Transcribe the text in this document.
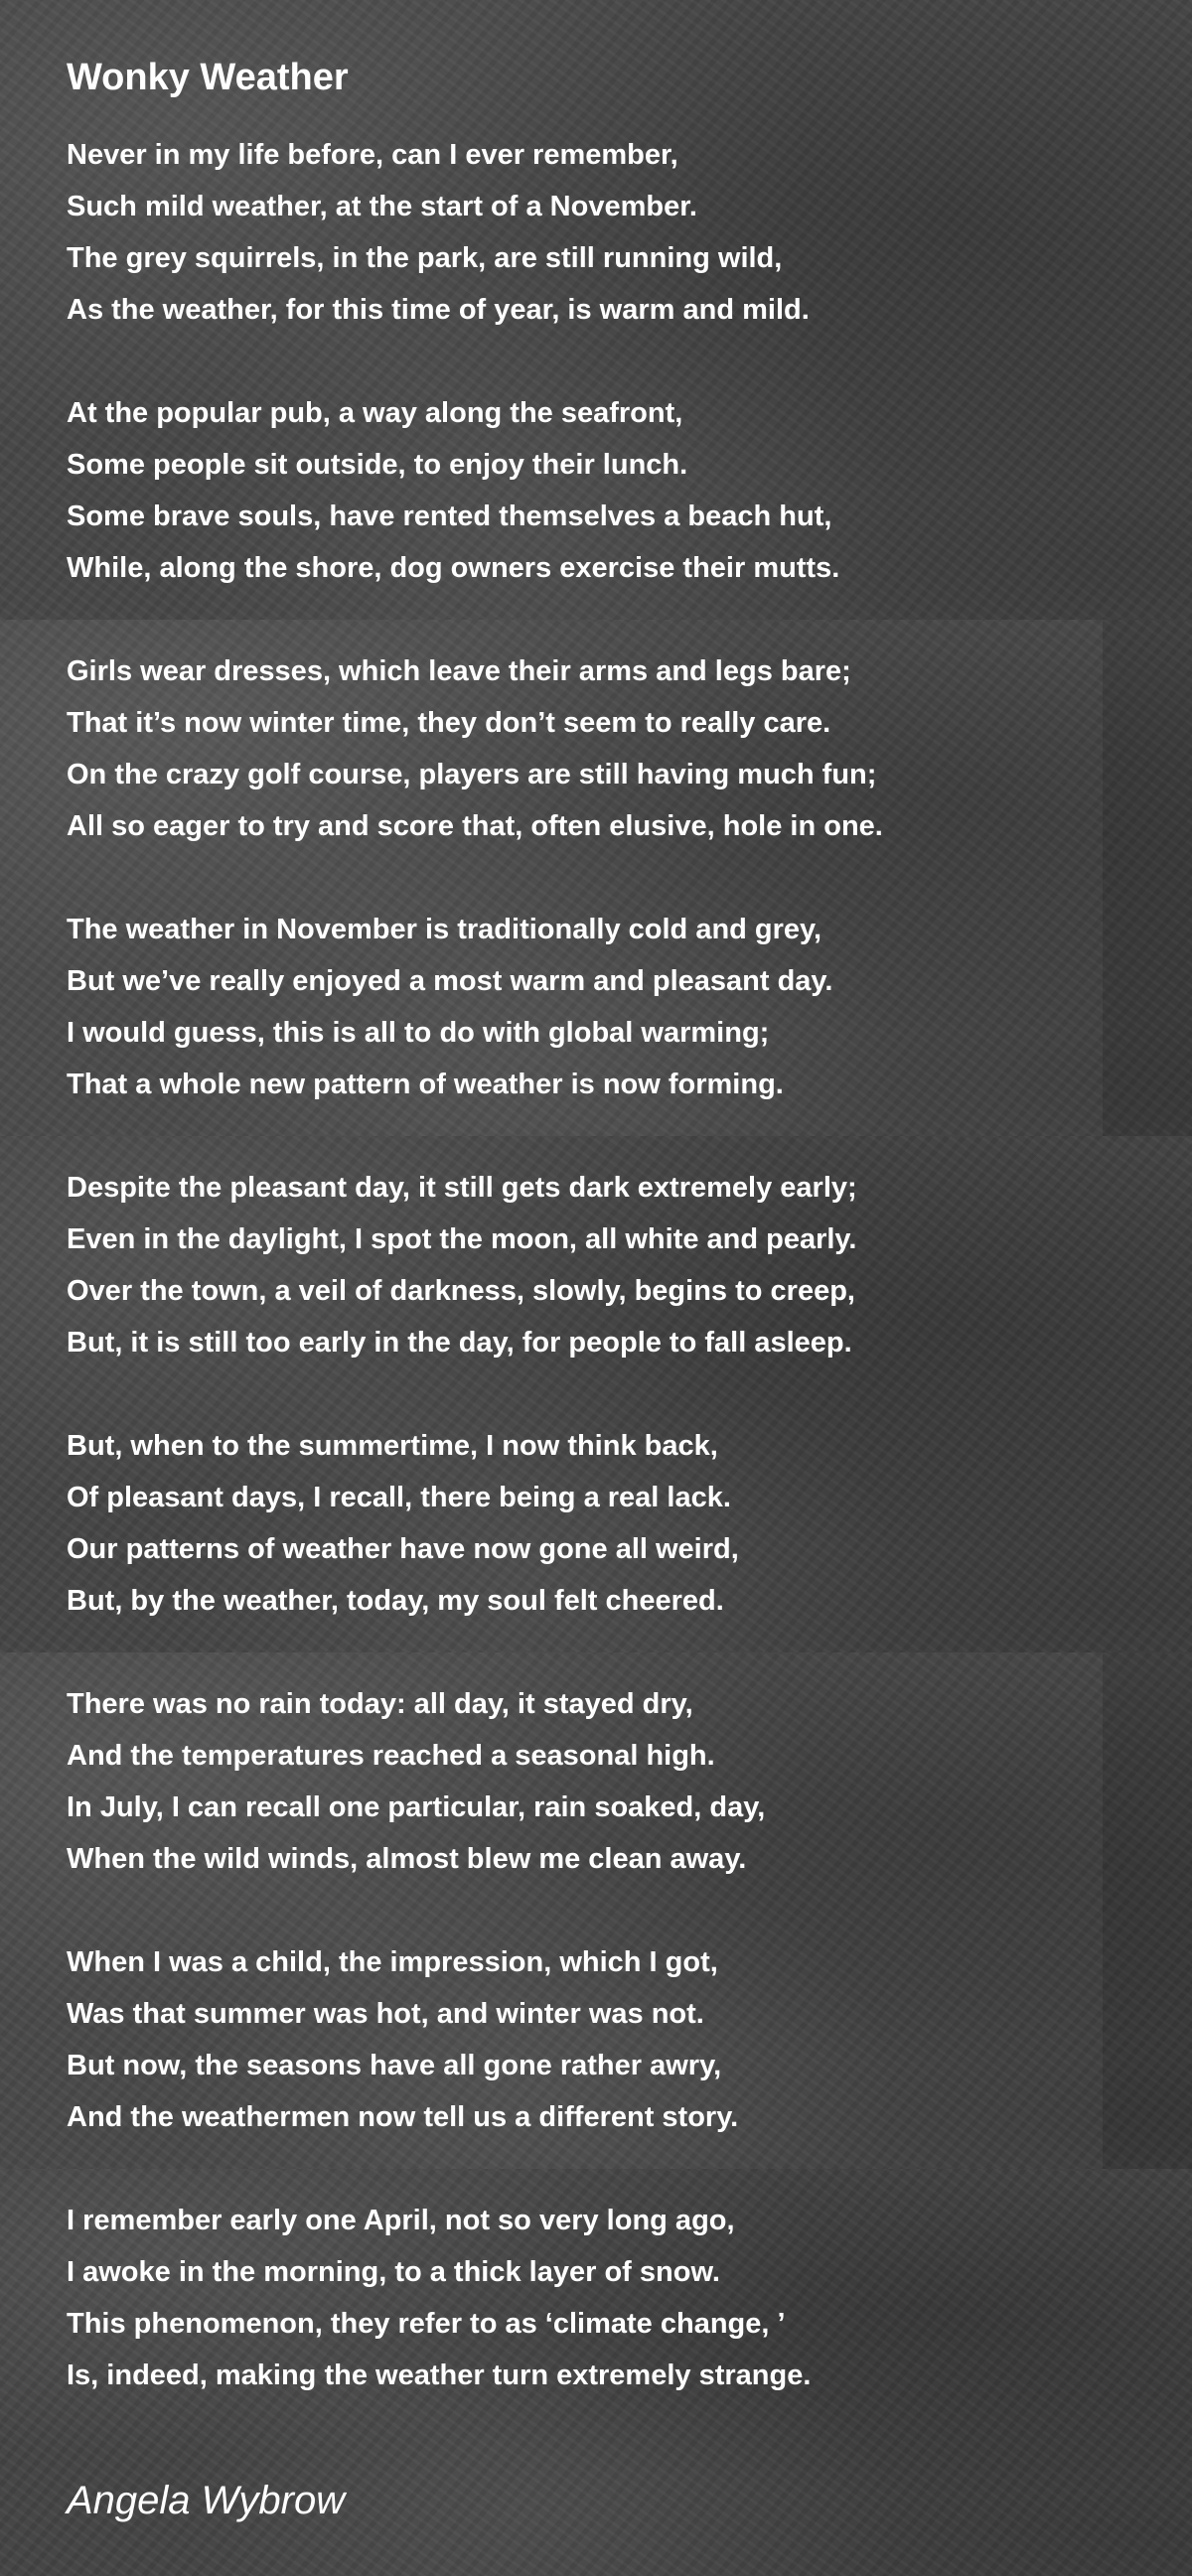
Wonky Weather
Never in my life before, can I ever remember,
Such mild weather, at the start of a November.
The grey squirrels, in the park, are still running wild,
As the weather, for this time of year, is warm and mild.
At the popular pub, a way along the seafront,
Some people sit outside, to enjoy their lunch.
Some brave souls, have rented themselves a beach hut,
While, along the shore, dog owners exercise their mutts.
Girls wear dresses, which leave their arms and legs bare;
That it’s now winter time, they don’t seem to really care.
On the crazy golf course, players are still having much fun;
All so eager to try and score that, often elusive, hole in one.
The weather in November is traditionally cold and grey,
But we’ve really enjoyed a most warm and pleasant day.
I would guess, this is all to do with global warming;
That a whole new pattern of weather is now forming.
Despite the pleasant day, it still gets dark extremely early;
Even in the daylight, I spot the moon, all white and pearly.
Over the town, a veil of darkness, slowly, begins to creep,
But, it is still too early in the day, for people to fall asleep.
But, when to the summertime, I now think back,
Of pleasant days, I recall, there being a real lack.
Our patterns of weather have now gone all weird,
But, by the weather, today, my soul felt cheered.
There was no rain today: all day, it stayed dry,
And the temperatures reached a seasonal high.
In July, I can recall one particular, rain soaked, day,
When the wild winds, almost blew me clean away.
When I was a child, the impression, which I got,
Was that summer was hot, and winter was not.
But now, the seasons have all gone rather awry,
And the weathermen now tell us a different story.
I remember early one April, not so very long ago,
I awoke in the morning, to a thick layer of snow.
This phenomenon, they refer to as ‘climate change, ’
Is, indeed, making the weather turn extremely strange.
Angela Wybrow
